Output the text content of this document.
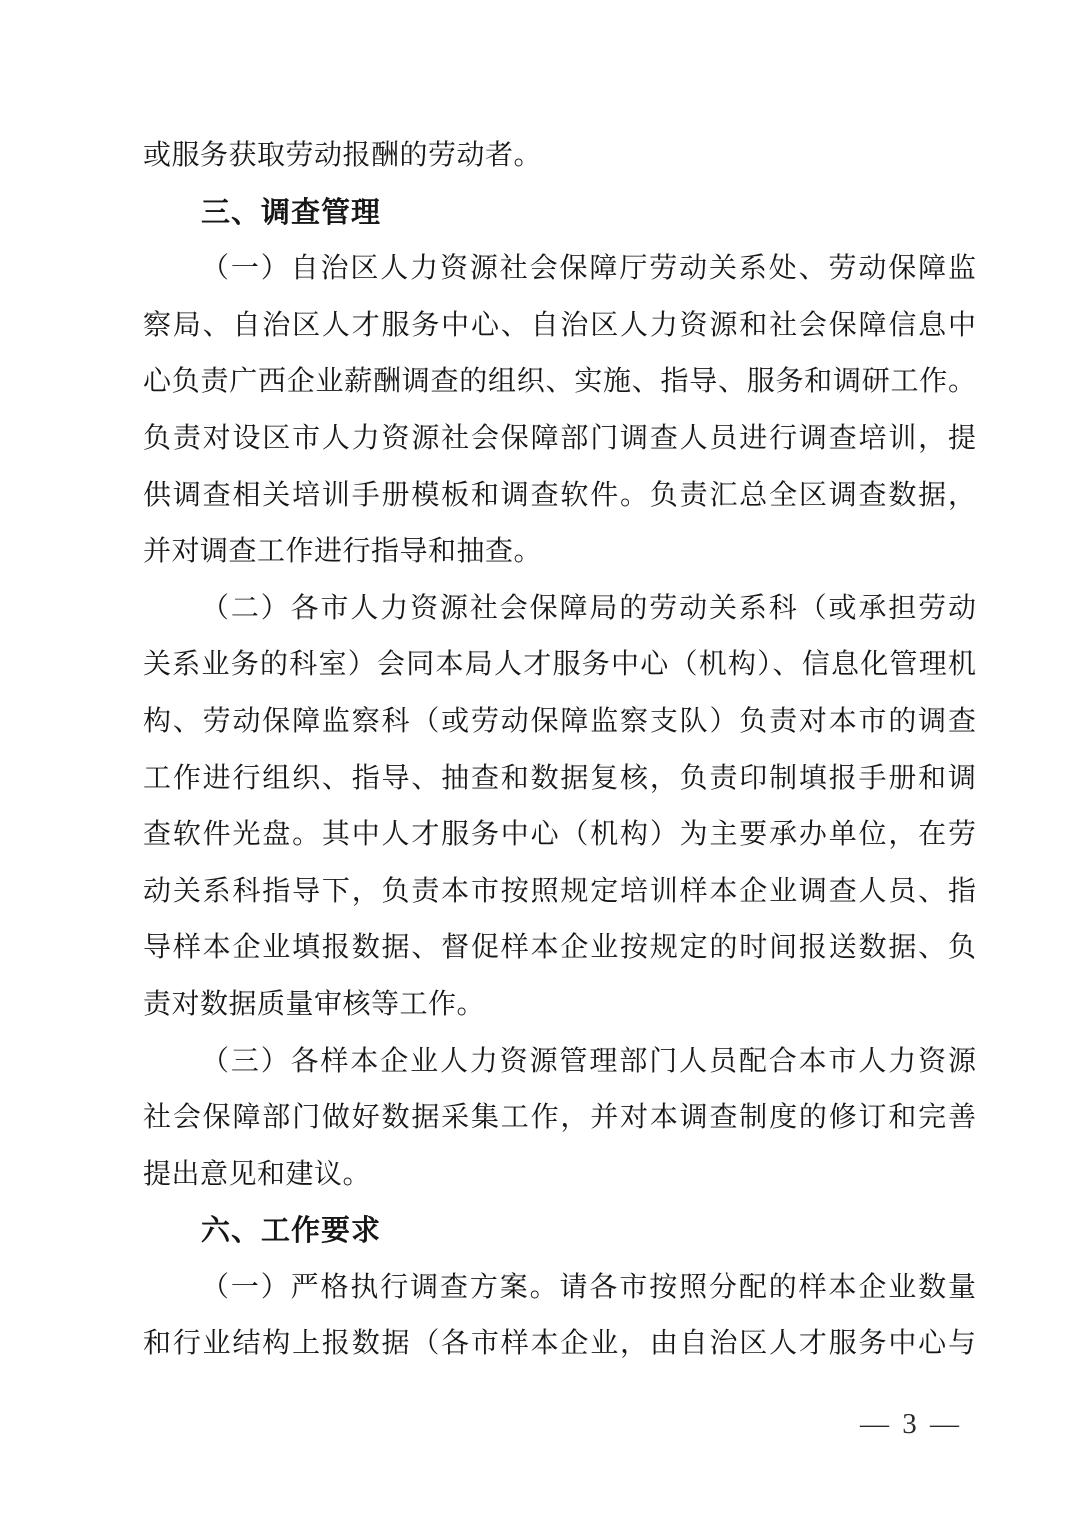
或服务获取劳动报酬的劳动者。
三、调查管理
（一）自治区人力资源社会保障厅劳动关系处、劳动保障监
察局、自治区人才服务中心、自治区人力资源和社会保障信息中
心负责广西企业薪酬调查的组织、实施、指导、服务和调研工作。
负责对设区市人力资源社会保障部门调查人员进行调查培训，提
供调查相关培训手册模板和调查软件。负责汇总全区调查数据，
并对调查工作进行指导和抽查。
（二）各市人力资源社会保障局的劳动关系科（或承担劳动
关系业务的科室）会同本局人才服务中心（机构）、信息化管理机
构、劳动保障监察科（或劳动保障监察支队）负责对本市的调查
工作进行组织、指导、抽查和数据复核，负责印制填报手册和调
查软件光盘。其中人才服务中心（机构）为主要承办单位，在劳
动关系科指导下，负责本市按照规定培训样本企业调查人员、指
导样本企业填报数据、督促样本企业按规定的时间报送数据、负
责对数据质量审核等工作。
（三）各样本企业人力资源管理部门人员配合本市人力资源
社会保障部门做好数据采集工作，并对本调查制度的修订和完善
提出意见和建议。
六、工作要求
（一）严格执行调查方案。请各市按照分配的样本企业数量
和行业结构上报数据（各市样本企业，由自治区人才服务中心与
— 3 —
